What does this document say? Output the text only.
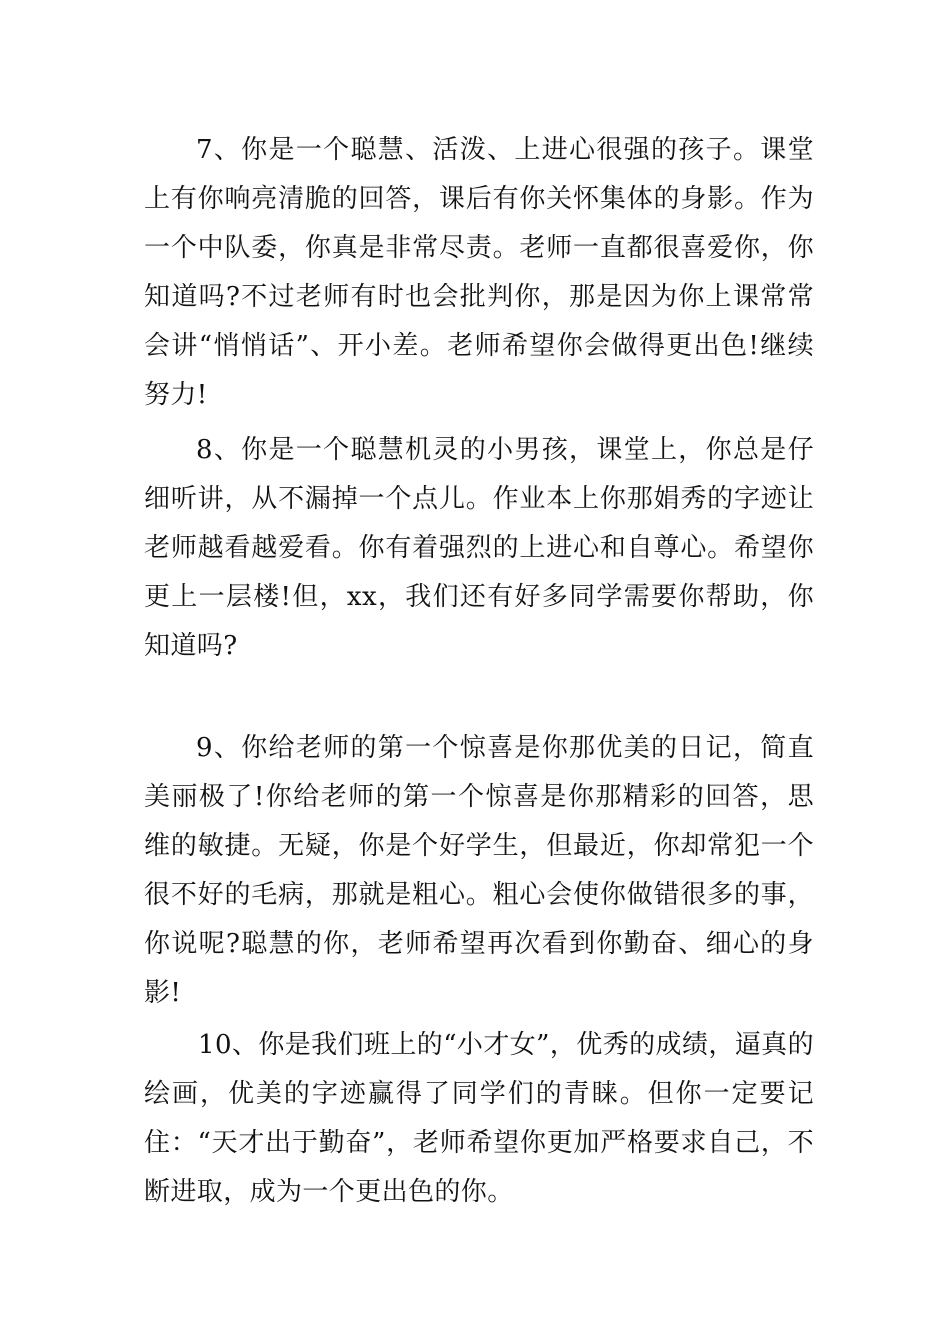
7、你是一个聪慧、活泼、上进心很强的孩子。课堂上有你响亮清脆的回答，课后有你关怀集体的身影。作为一个中队委，你真是非常尽责。老师一直都很喜爱你，你知道吗?不过老师有时也会批判你，那是因为你上课常常会讲“悄悄话”、开小差。老师希望你会做得更出色!继续努力!

8、你是一个聪慧机灵的小男孩，课堂上，你总是仔细听讲，从不漏掉一个点儿。作业本上你那娟秀的字迹让老师越看越爱看。你有着强烈的上进心和自尊心。希望你更上一层楼!但，xx，我们还有好多同学需要你帮助，你知道吗?

9、你给老师的第一个惊喜是你那优美的日记，简直美丽极了!你给老师的第一个惊喜是你那精彩的回答，思维的敏捷。无疑，你是个好学生，但最近，你却常犯一个很不好的毛病，那就是粗心。粗心会使你做错很多的事，你说呢?聪慧的你，老师希望再次看到你勤奋、细心的身影!

10、你是我们班上的“小才女”，优秀的成绩，逼真的绘画，优美的字迹赢得了同学们的青睐。但你一定要记住：“天才出于勤奋”，老师希望你更加严格要求自己，不断进取，成为一个更出色的你。
